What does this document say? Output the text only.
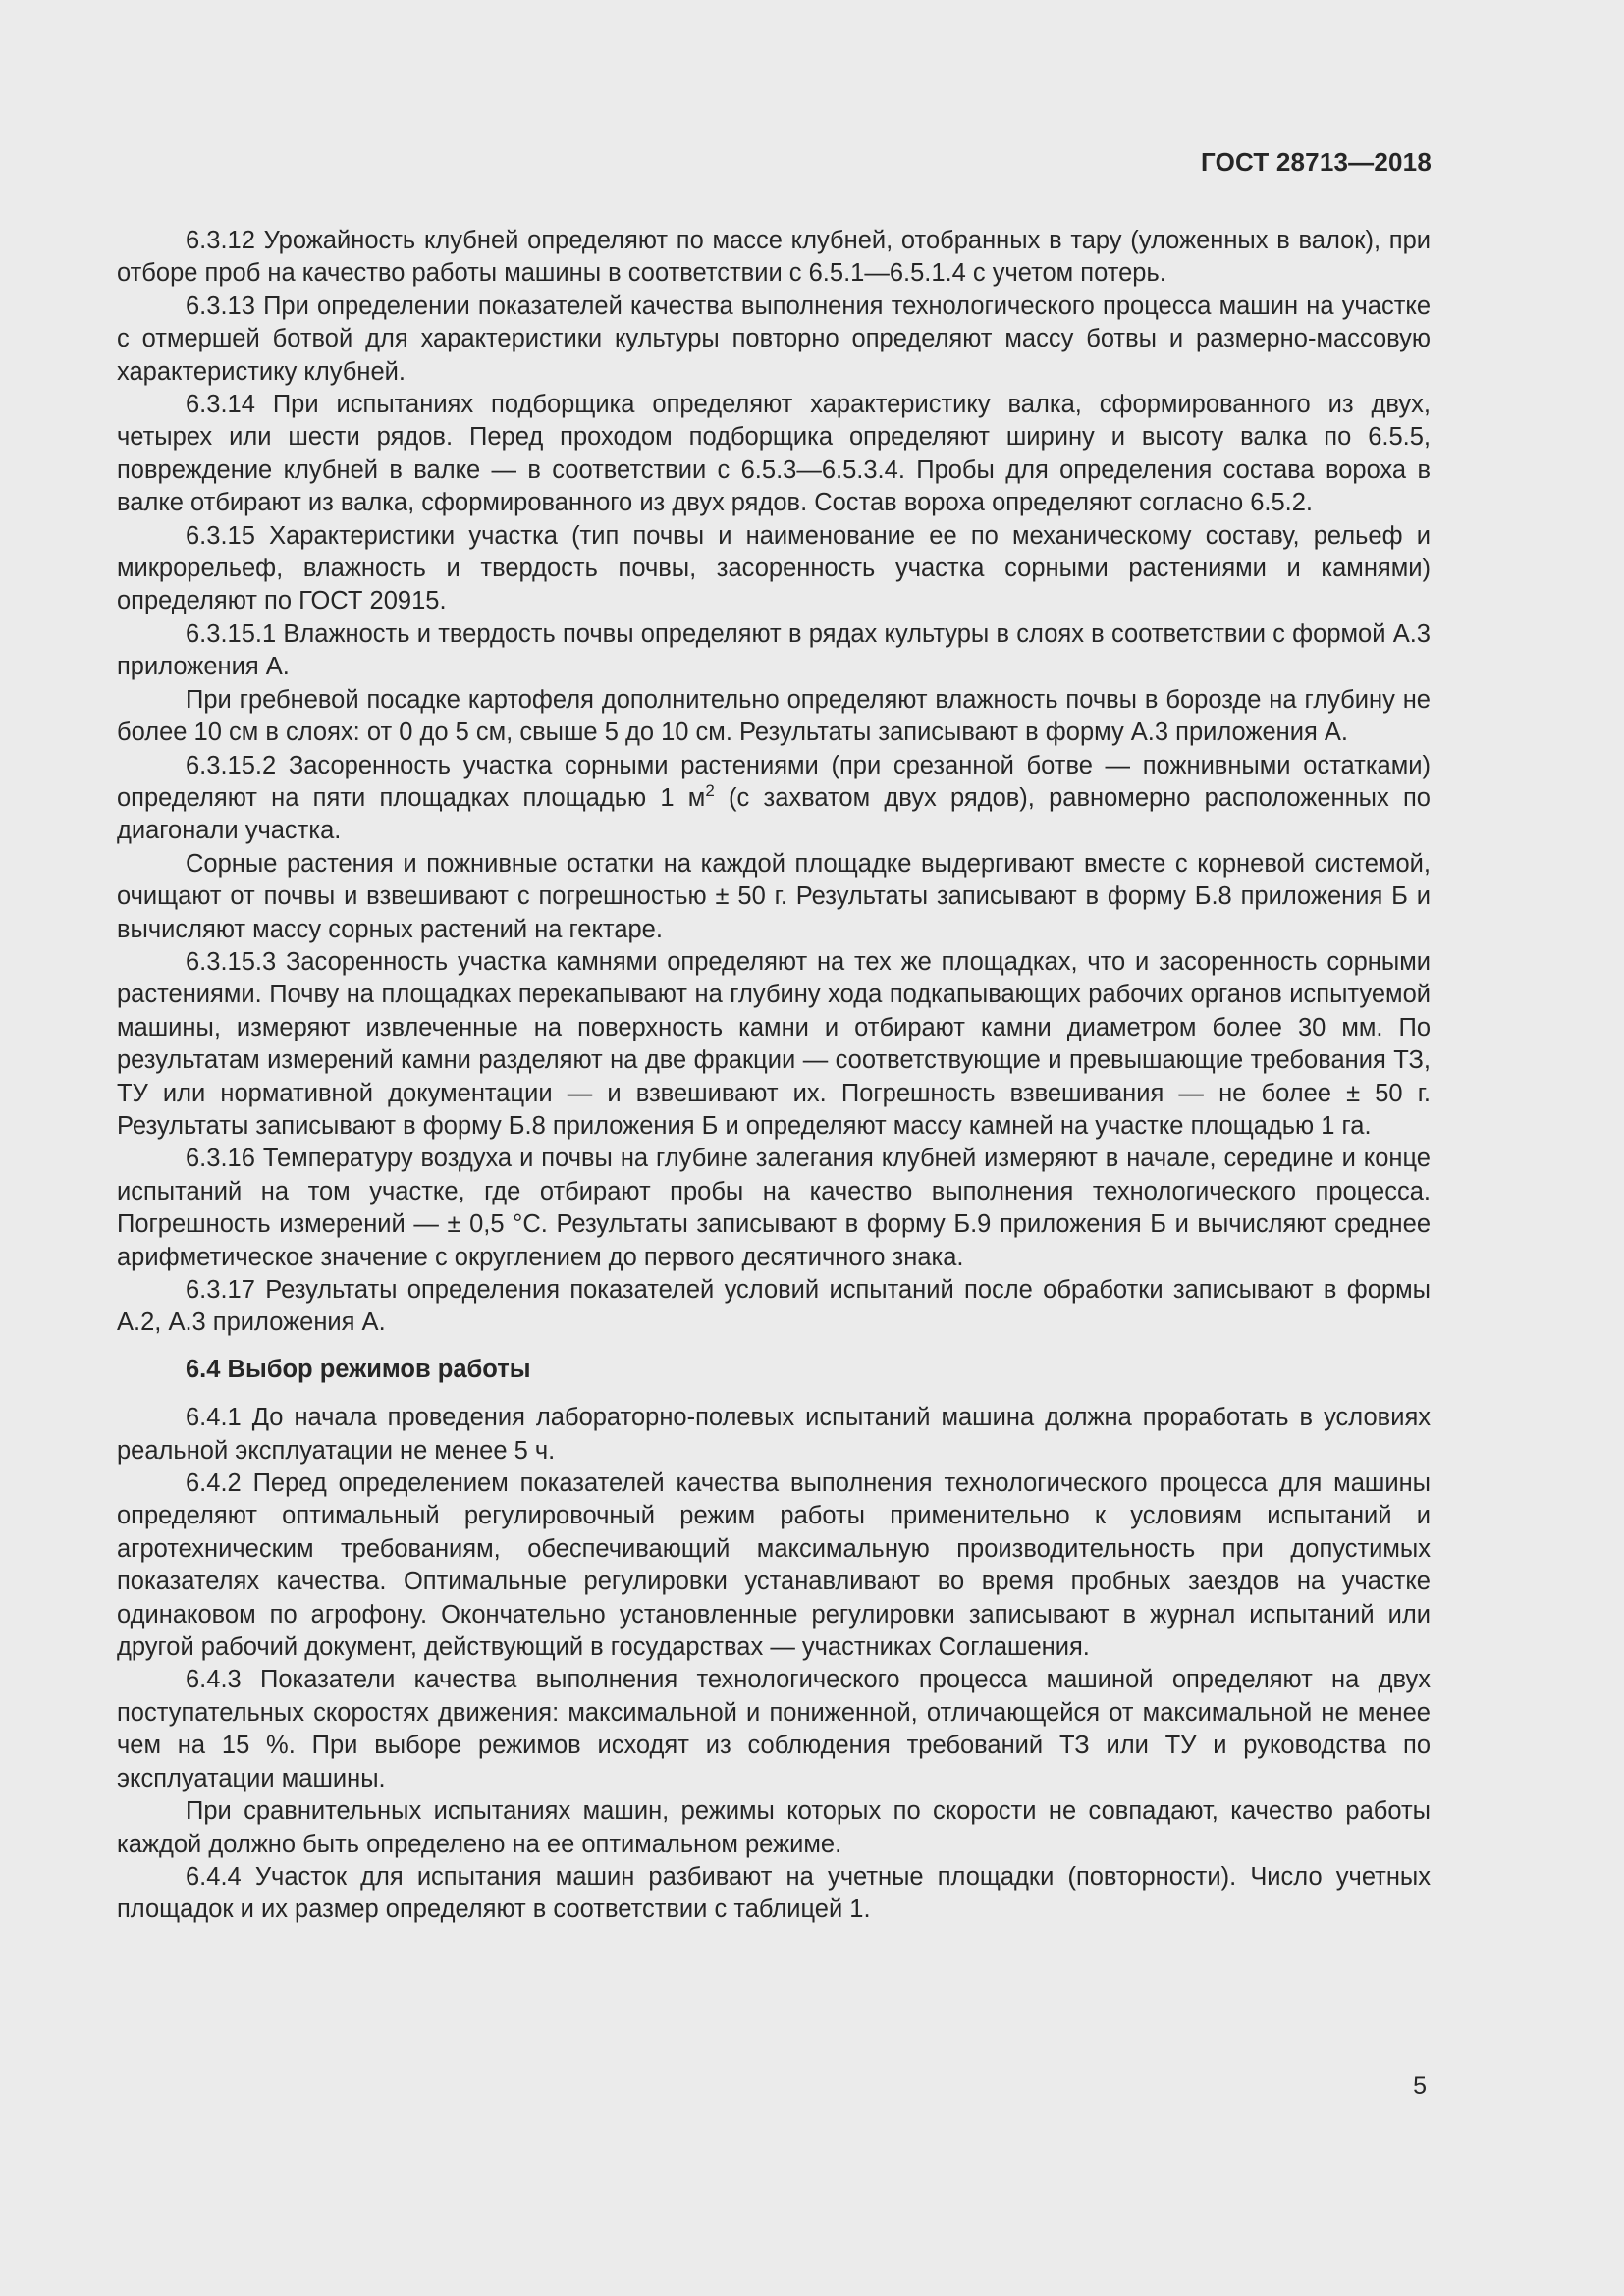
ГОСТ 28713—2018

6.3.12 Урожайность клубней определяют по массе клубней, отобранных в тару (уложенных в валок), при отборе проб на качество работы машины в соответствии с 6.5.1—6.5.1.4 с учетом потерь.

6.3.13 При определении показателей качества выполнения технологического процесса машин на участке с отмершей ботвой для характеристики культуры повторно определяют массу ботвы и размерно-массовую характеристику клубней.

6.3.14 При испытаниях подборщика определяют характеристику валка, сформированного из двух, четырех или шести рядов. Перед проходом подборщика определяют ширину и высоту валка по 6.5.5, повреждение клубней в валке — в соответствии с 6.5.3—6.5.3.4. Пробы для определения состава вороха в валке отбирают из валка, сформированного из двух рядов. Состав вороха определяют согласно 6.5.2.

6.3.15 Характеристики участка (тип почвы и наименование ее по механическому составу, рельеф и микрорельеф, влажность и твердость почвы, засоренность участка сорными растениями и камнями) определяют по ГОСТ 20915.

6.3.15.1 Влажность и твердость почвы определяют в рядах культуры в слоях в соответствии с формой А.3 приложения А.

При гребневой посадке картофеля дополнительно определяют влажность почвы в борозде на глубину не более 10 см в слоях: от 0 до 5 см, свыше 5 до 10 см. Результаты записывают в форму А.3 приложения А.

6.3.15.2 Засоренность участка сорными растениями (при срезанной ботве — пожнивными остатками) определяют на пяти площадках площадью 1 $м^2$ (с захватом двух рядов), равномерно расположенных по диагонали участка.

Сорные растения и пожнивные остатки на каждой площадке выдергивают вместе с корневой системой, очищают от почвы и взвешивают с погрешностью ± 50 г. Результаты записывают в форму Б.8 приложения Б и вычисляют массу сорных растений на гектаре.

6.3.15.3 Засоренность участка камнями определяют на тех же площадках, что и засоренность сорными растениями. Почву на площадках перекапывают на глубину хода подкапывающих рабочих органов испытуемой машины, измеряют извлеченные на поверхность камни и отбирают камни диаметром более 30 мм. По результатам измерений камни разделяют на две фракции — соответствующие и превышающие требования ТЗ, ТУ или нормативной документации — и взвешивают их. Погрешность взвешивания — не более ± 50 г. Результаты записывают в форму Б.8 приложения Б и определяют массу камней на участке площадью 1 га.

6.3.16 Температуру воздуха и почвы на глубине залегания клубней измеряют в начале, середине и конце испытаний на том участке, где отбирают пробы на качество выполнения технологического процесса. Погрешность измерений — ± 0,5 °С. Результаты записывают в форму Б.9 приложения Б и вычисляют среднее арифметическое значение с округлением до первого десятичного знака.

6.3.17 Результаты определения показателей условий испытаний после обработки записывают в формы А.2, А.3 приложения А.

6.4 Выбор режимов работы

6.4.1 До начала проведения лабораторно-полевых испытаний машина должна проработать в условиях реальной эксплуатации не менее 5 ч.

6.4.2 Перед определением показателей качества выполнения технологического процесса для машины определяют оптимальный регулировочный режим работы применительно к условиям испытаний и агротехническим требованиям, обеспечивающий максимальную производительность при допустимых показателях качества. Оптимальные регулировки устанавливают во время пробных заездов на участке одинаковом по агрофону. Окончательно установленные регулировки записывают в журнал испытаний или другой рабочий документ, действующий в государствах — участниках Соглашения.

6.4.3 Показатели качества выполнения технологического процесса машиной определяют на двух поступательных скоростях движения: максимальной и пониженной, отличающейся от максимальной не менее чем на 15 %. При выборе режимов исходят из соблюдения требований ТЗ или ТУ и руководства по эксплуатации машины.

При сравнительных испытаниях машин, режимы которых по скорости не совпадают, качество работы каждой должно быть определено на ее оптимальном режиме.

6.4.4 Участок для испытания машин разбивают на учетные площадки (повторности). Число учетных площадок и их размер определяют в соответствии с таблицей 1.

5
